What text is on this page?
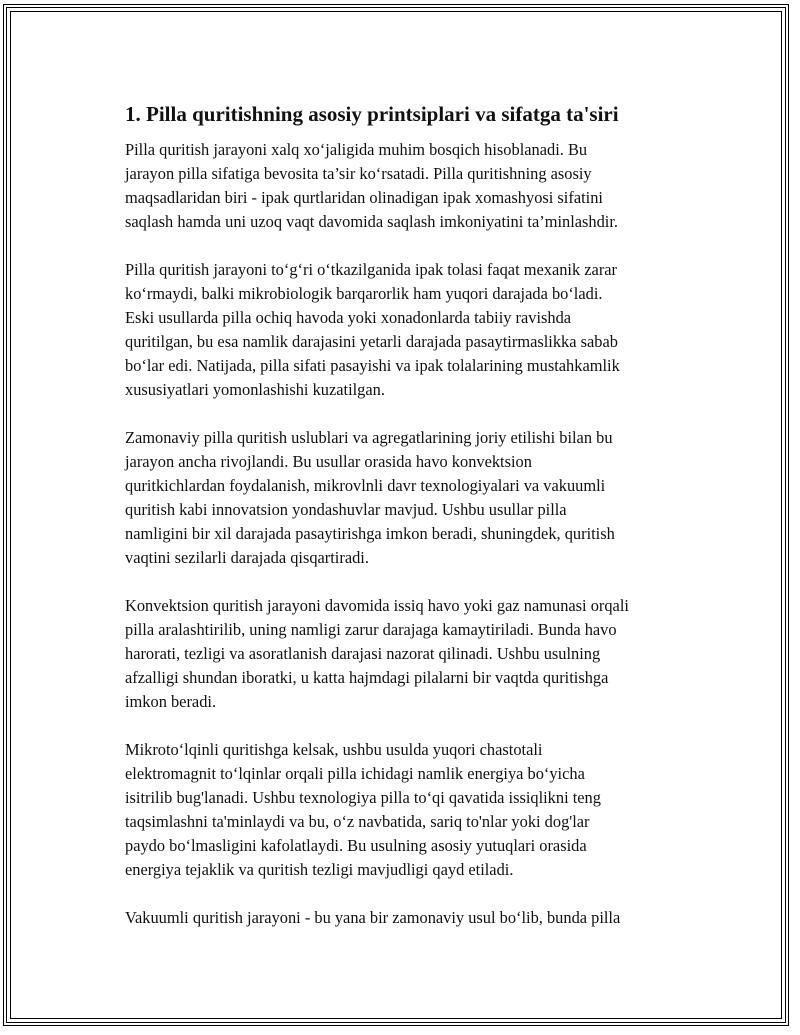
1. Pilla quritishning asosiy printsiplari va sifatga ta'siri

Pilla quritish jarayoni xalq xo‘jaligida muhim bosqich hisoblanadi. Bu
jarayon pilla sifatiga bevosita ta’sir ko‘rsatadi. Pilla quritishning asosiy
maqsadlaridan biri - ipak qurtlaridan olinadigan ipak xomashyosi sifatini
saqlash hamda uni uzoq vaqt davomida saqlash imkoniyatini ta’minlashdir.

Pilla quritish jarayoni to‘g‘ri o‘tkazilganida ipak tolasi faqat mexanik zarar
ko‘rmaydi, balki mikrobiologik barqarorlik ham yuqori darajada bo‘ladi.
Eski usullarda pilla ochiq havoda yoki xonadonlarda tabiiy ravishda
quritilgan, bu esa namlik darajasini yetarli darajada pasaytirmaslikka sabab
bo‘lar edi. Natijada, pilla sifati pasayishi va ipak tolalarining mustahkamlik
xususiyatlari yomonlashishi kuzatilgan.

Zamonaviy pilla quritish uslublari va agregatlarining joriy etilishi bilan bu
jarayon ancha rivojlandi. Bu usullar orasida havo konvektsion
quritkichlardan foydalanish, mikrovlnli davr texnologiyalari va vakuumli
quritish kabi innovatsion yondashuvlar mavjud. Ushbu usullar pilla
namligini bir xil darajada pasaytirishga imkon beradi, shuningdek, quritish
vaqtini sezilarli darajada qisqartiradi.

Konvektsion quritish jarayoni davomida issiq havo yoki gaz namunasi orqali
pilla aralashtirilib, uning namligi zarur darajaga kamaytiriladi. Bunda havo
harorati, tezligi va asoratlanish darajasi nazorat qilinadi. Ushbu usulning
afzalligi shundan iboratki, u katta hajmdagi pilalarni bir vaqtda quritishga
imkon beradi.

Mikroto‘lqinli quritishga kelsak, ushbu usulda yuqori chastotali
elektromagnit to‘lqinlar orqali pilla ichidagi namlik energiya bo‘yicha
isitrilib bug'lanadi. Ushbu texnologiya pilla to‘qi qavatida issiqlikni teng
taqsimlashni ta'minlaydi va bu, o‘z navbatida, sariq to'nlar yoki dog'lar
paydo bo‘lmasligini kafolatlaydi. Bu usulning asosiy yutuqlari orasida
energiya tejaklik va quritish tezligi mavjudligi qayd etiladi.

Vakuumli quritish jarayoni - bu yana bir zamonaviy usul bo‘lib, bunda pilla
